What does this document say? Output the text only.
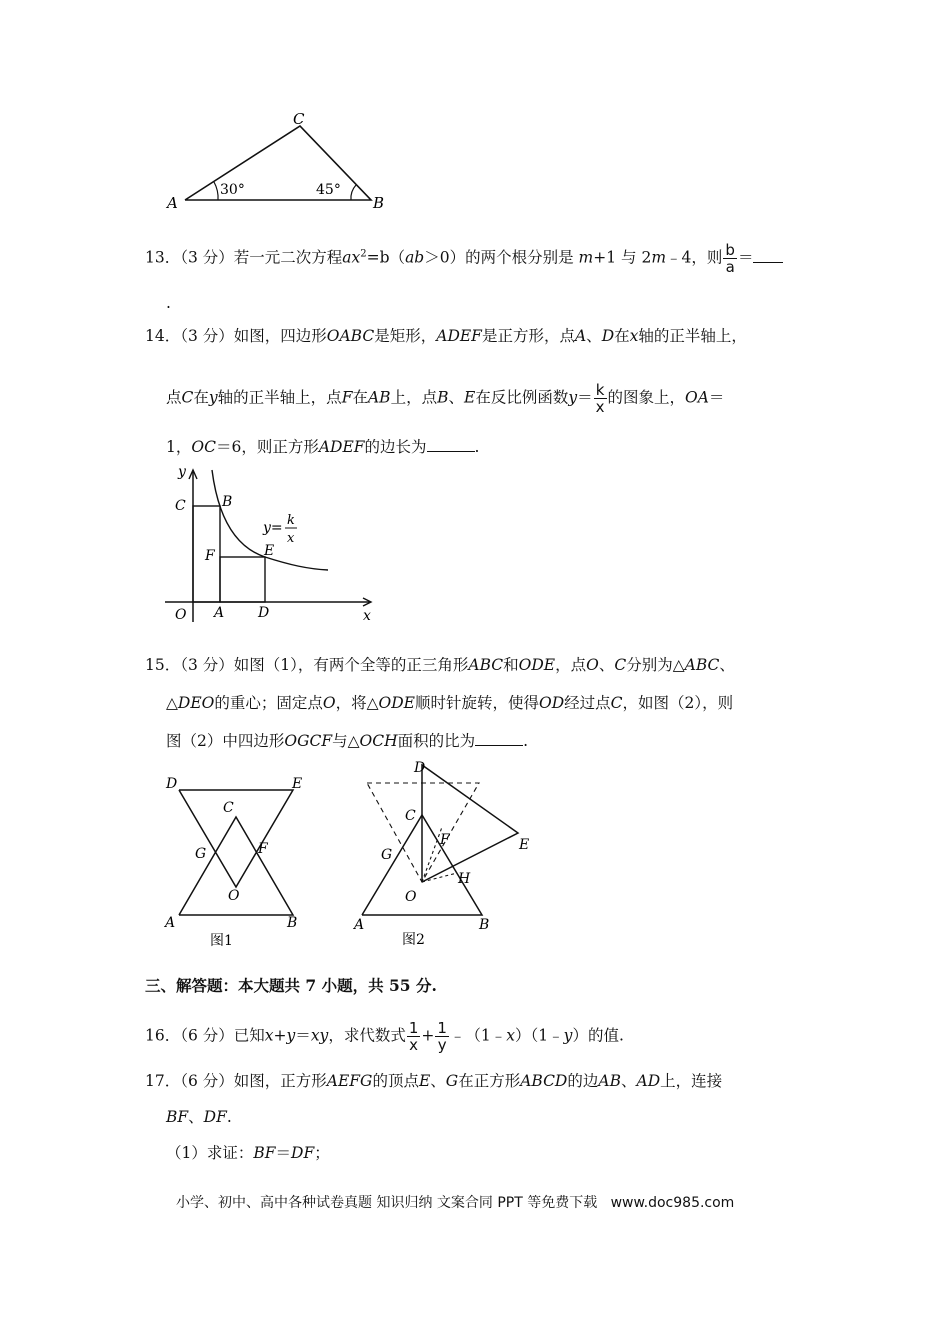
A
C
B
30°	45°
13．（3 分）若一元二次方程$ax^2=b(ab>0)$的两个根分别是 m+1 与 2m﹣4，则 $\frac{b}{a}$ ＝
.
14．（3 分）如图，四边形OABC是矩形，ADEF是正方形，点A、D在x轴的正半轴上，
点C在y轴的正半轴上，点F在AB上，点B、E在反比例函数$y= \frac{k}{x}$ 的图象上，OA＝
1，OC＝6，则正方形ADEF的边长为	.
y
x
O A D
C	B
F	E
y= k
x
15．（3 分）如图（1），有两个全等的正三角形ABC和ODE，点O、C分别为△ABC、
△DEO的重心；固定点O，将△ODE顺时针旋转，使得OD经过点C，如图（2），则
图（2）中四边形OGCF与△OCH面积的比为	.
D	E
C
G	F
O
A	B
图1
D
C
E
G
F
H
O
A	B
图2
三、解答题：本大题共 7 小题，共 55 分.
16．（6 分）已知x+y＝xy，求代数式 $\frac{1}{x} + \frac{1}{y}$ ﹣（1﹣x）（1﹣y）的值.
17．（6 分）如图，正方形AEFG的顶点E、G在正方形ABCD的边AB、AD上，连接
BF、DF.
（1）求证：BF＝DF；
小学、初中、高中各种试卷真题 知识归纳 文案合同 PPT 等免费下载   www.doc985.com
